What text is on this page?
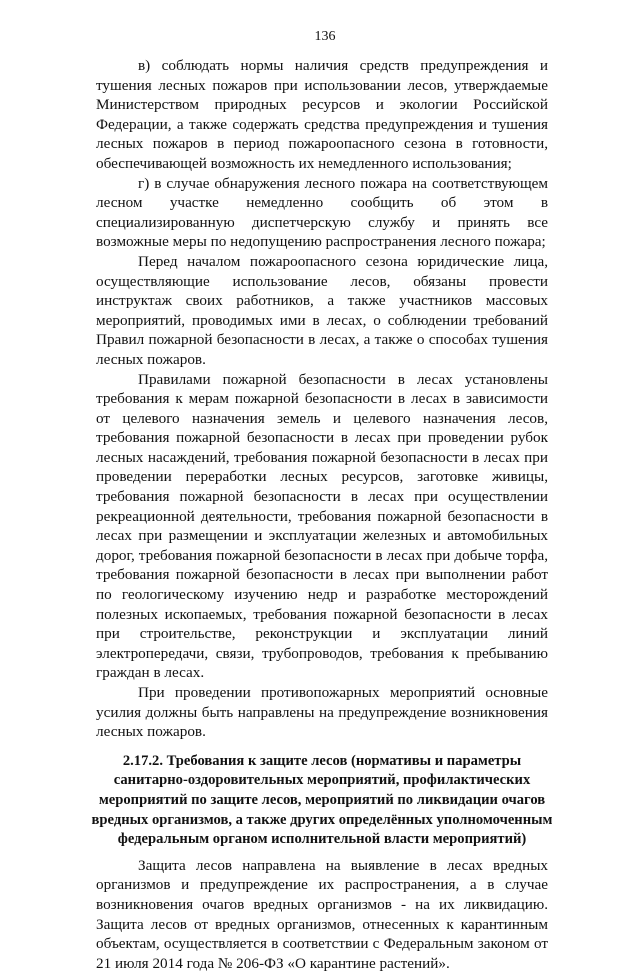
136

в) соблюдать нормы наличия средств предупреждения и тушения лесных пожаров при использовании лесов, утверждаемые Министерством природных ресурсов и экологии Российской Федерации, а также содержать средства предупреждения и тушения лесных пожаров в период пожароопасного сезона в готовности, обеспечивающей возможность их немедленного использования;

г) в случае обнаружения лесного пожара на соответствующем лесном участке немедленно сообщить об этом в специализированную диспетчерскую службу и принять все возможные меры по недопущению распространения лесного пожара;

Перед началом пожароопасного сезона юридические лица, осуществляющие использование лесов, обязаны провести инструктаж своих работников, а также участников массовых мероприятий, проводимых ими в лесах, о соблюдении требований Правил пожарной безопасности в лесах, а также о способах тушения лесных пожаров.

Правилами пожарной безопасности в лесах установлены требования к мерам пожарной безопасности в лесах в зависимости от целевого назначения земель и целевого назначения лесов, требования пожарной безопасности в лесах при проведении рубок лесных насаждений, требования пожарной безопасности в лесах при проведении переработки лесных ресурсов, заготовке живицы, требования пожарной безопасности в лесах при осуществлении рекреационной деятельности, требования пожарной безопасности в лесах при размещении и эксплуатации железных и автомобильных дорог, требования пожарной безопасности в лесах при добыче торфа, требования пожарной безопасности в лесах при выполнении работ по геологическому изучению недр и разработке месторождений полезных ископаемых, требования пожарной безопасности в лесах при строительстве, реконструкции и эксплуатации линий электропередачи, связи, трубопроводов, требования к пребыванию граждан в лесах.

При проведении противопожарных мероприятий основные усилия должны быть направлены на предупреждение возникновения лесных пожаров.

2.17.2. Требования к защите лесов (нормативы и параметры санитарно-оздоровительных мероприятий, профилактических мероприятий по защите лесов, мероприятий по ликвидации очагов вредных организмов, а также других определённых уполномоченным федеральным органом исполнительной власти мероприятий)

Защита лесов направлена на выявление в лесах вредных организмов и предупреждение их распространения, а в случае возникновения очагов вредных организмов - на их ликвидацию. Защита лесов от вредных организмов, отнесенных к карантинным объектам, осуществляется в соответствии с Федеральным законом от 21 июля 2014 года № 206-ФЗ «О карантине растений».
